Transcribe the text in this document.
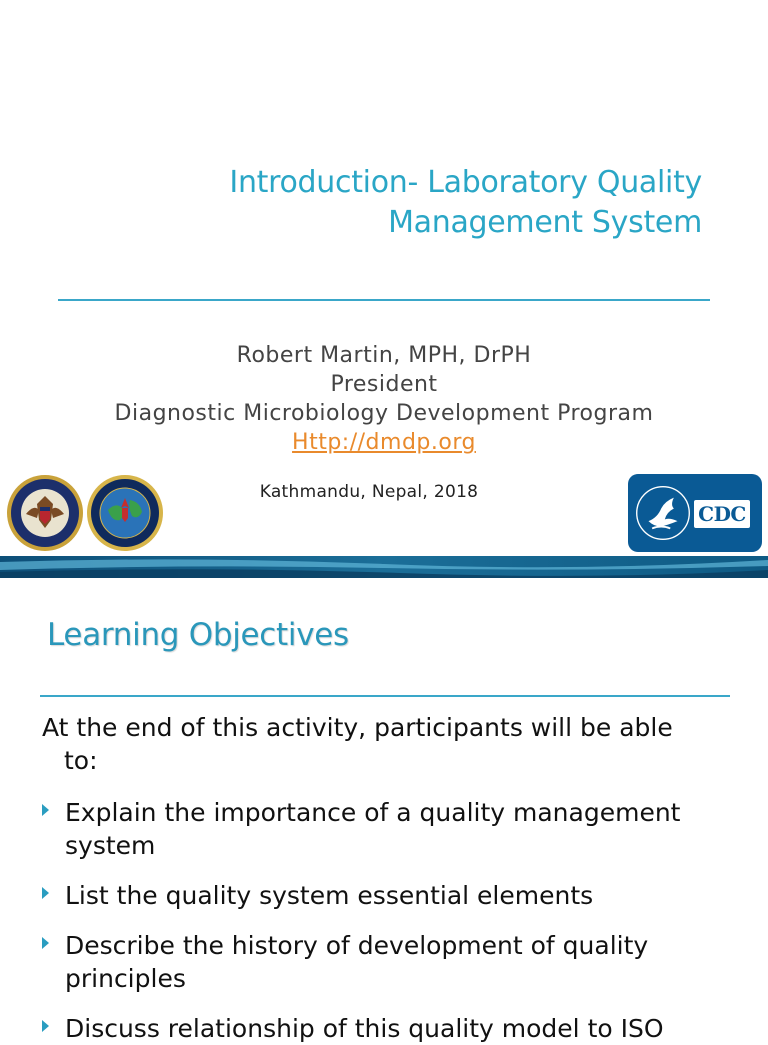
Introduction- Laboratory Quality
Management System
Robert Martin, MPH, DrPH
President
Diagnostic Microbiology Development Program
Http://dmdp.org
Kathmandu, Nepal, 2018
CDC
Learning Objectives
At the end of this activity, participants will be able
to:
Explain the importance of a quality management
system
List the quality system essential elements
Describe the history of development of quality
principles
Discuss relationship of this quality model to ISO
